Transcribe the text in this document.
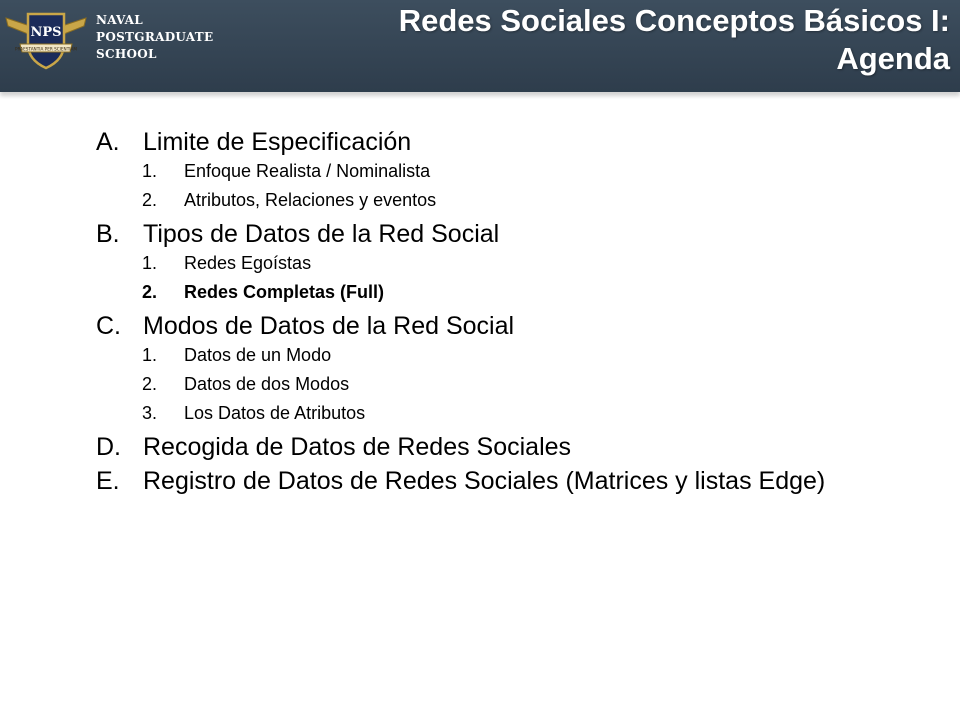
NPS
PRAESTANTIA PER SCIENTIAM
NAVAL
POSTGRADUATE
SCHOOL
Redes Sociales Conceptos Básicos I:
Agenda
A. Limite de Especificación
1.	Enfoque Realista / Nominalista
2.	Atributos, Relaciones y eventos
B. Tipos de Datos de la Red Social
1.	Redes Egoístas
2.	Redes Completas (Full)
C. Modos de Datos de la Red Social
1.	Datos de un Modo
2.	Datos de dos Modos
3.	Los Datos de Atributos
D. Recogida de Datos de Redes Sociales
E. Registro de Datos de Redes Sociales (Matrices y listas Edge)
